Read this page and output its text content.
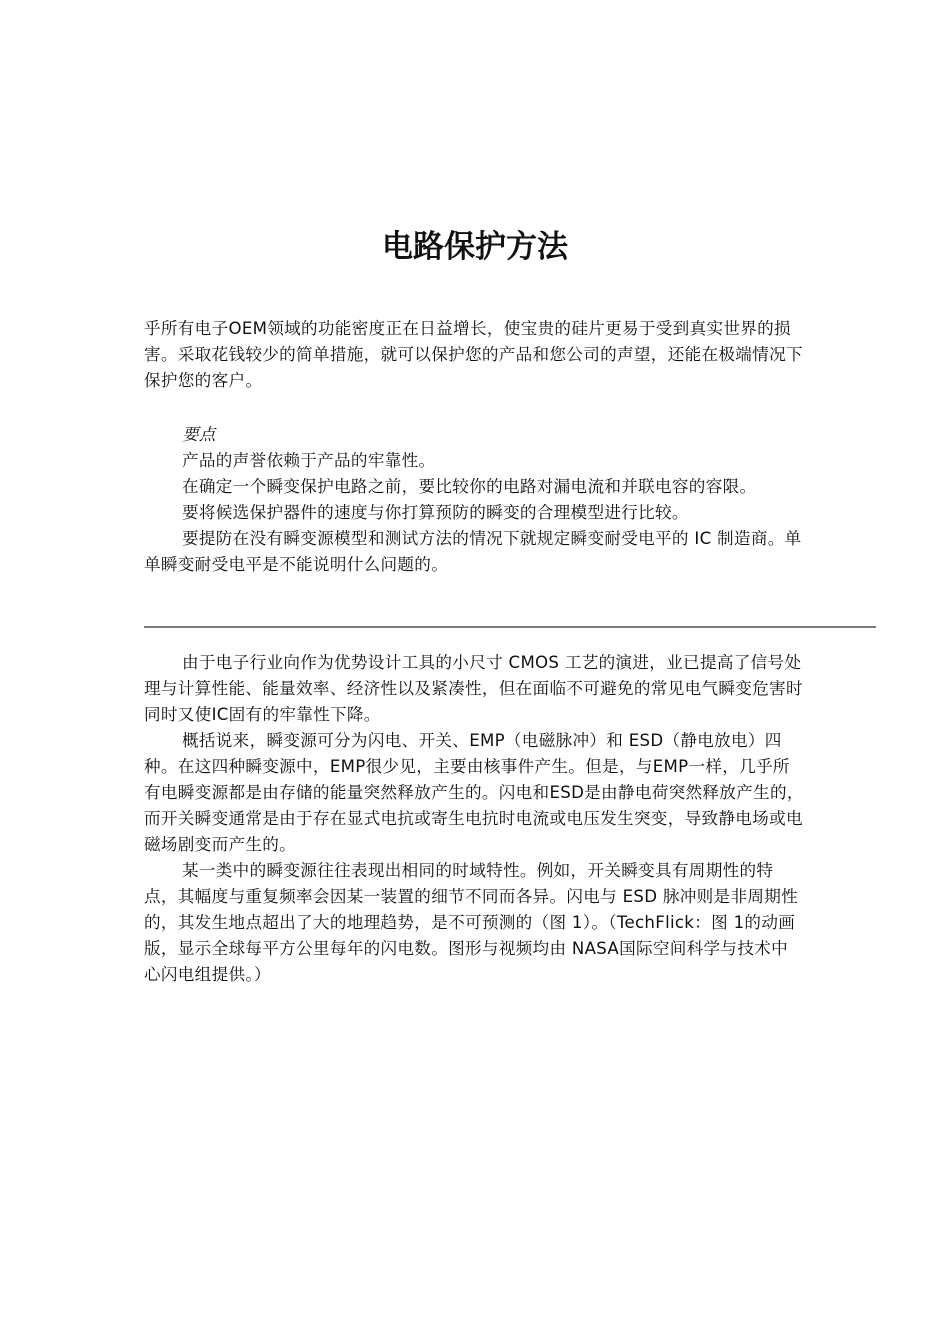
电路保护方法

乎所有电子OEM领域的功能密度正在日益增长，使宝贵的硅片更易于受到真实世界的损害。采取花钱较少的简单措施，就可以保护您的产品和您公司的声望，还能在极端情况下保护您的客户。

要点

产品的声誉依赖于产品的牢靠性。

在确定一个瞬变保护电路之前，要比较你的电路对漏电流和并联电容的容限。

要将候选保护器件的速度与你打算预防的瞬变的合理模型进行比较。

要提防在没有瞬变源模型和测试方法的情况下就规定瞬变耐受电平的 IC 制造商。单单瞬变耐受电平是不能说明什么问题的。

由于电子行业向作为优势设计工具的小尺寸 CMOS 工艺的演进，业已提高了信号处理与计算性能、能量效率、经济性以及紧凑性，但在面临不可避免的常见电气瞬变危害时同时又使IC固有的牢靠性下降。

概括说来，瞬变源可分为闪电、开关、EMP（电磁脉冲）和 ESD（静电放电）四种。在这四种瞬变源中，EMP很少见，主要由核事件产生。但是，与EMP一样，几乎所有电瞬变源都是由存储的能量突然释放产生的。闪电和ESD是由静电荷突然释放产生的，而开关瞬变通常是由于存在显式电抗或寄生电抗时电流或电压发生突变，导致静电场或电磁场剧变而产生的。

某一类中的瞬变源往往表现出相同的时域特性。例如，开关瞬变具有周期性的特点，其幅度与重复频率会因某一装置的细节不同而各异。闪电与 ESD 脉冲则是非周期性的，其发生地点超出了大的地理趋势，是不可预测的（图 1）。（TechFlick：图 1的动画版，显示全球每平方公里每年的闪电数。图形与视频均由 NASA国际空间科学与技术中心闪电组提供。）
